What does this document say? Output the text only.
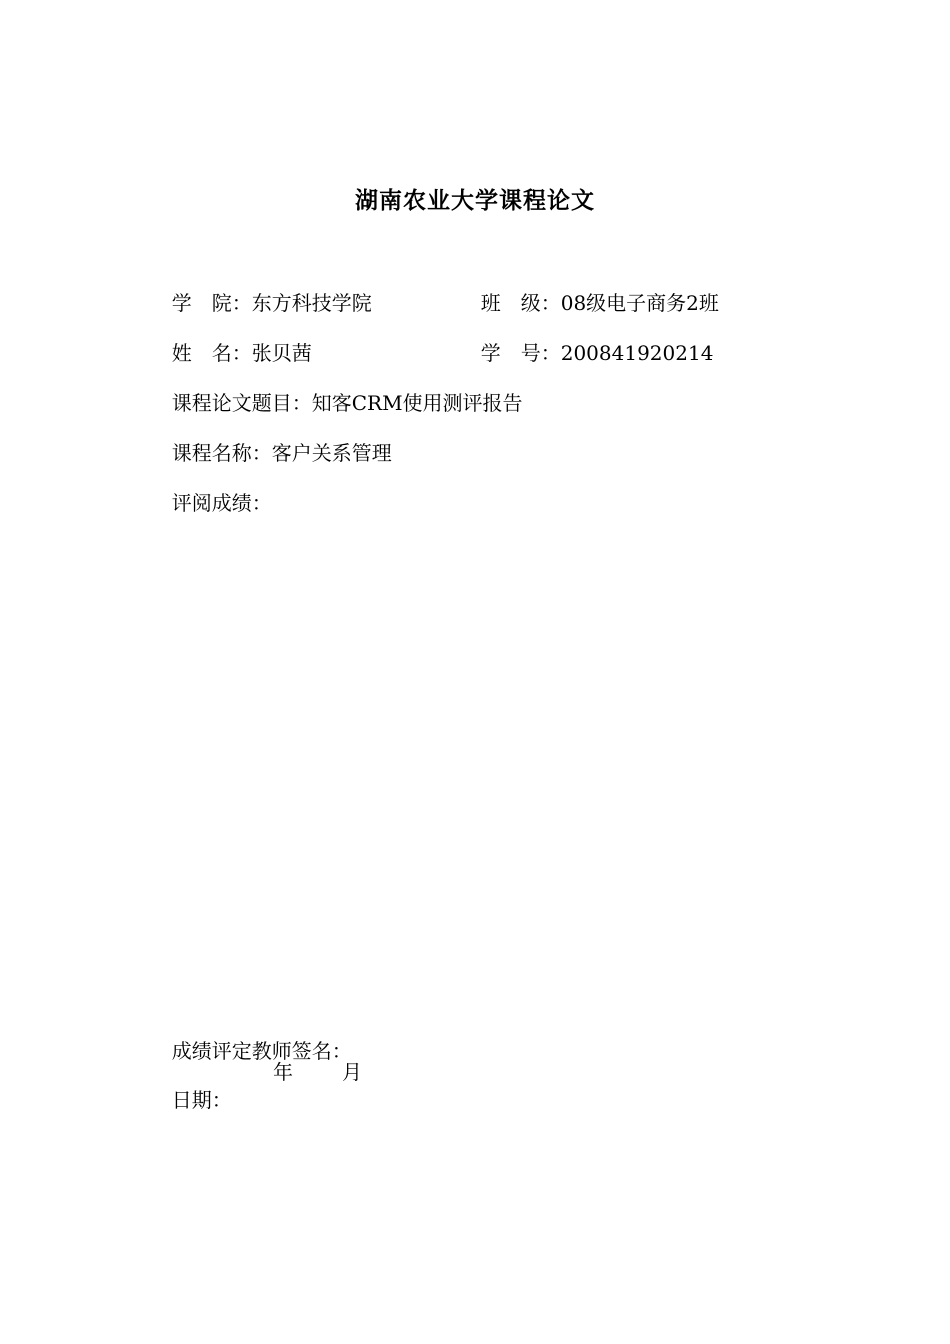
湖南农业大学课程论文

学　院：东方科技学院	班　级：08级电子商务2班

姓　名：张贝茜	学　号：200841920214

课程论文题目：知客CRM使用测评报告

课程名称：客户关系管理

评阅成绩：

成绩评定教师签名：

日期：

年 月
